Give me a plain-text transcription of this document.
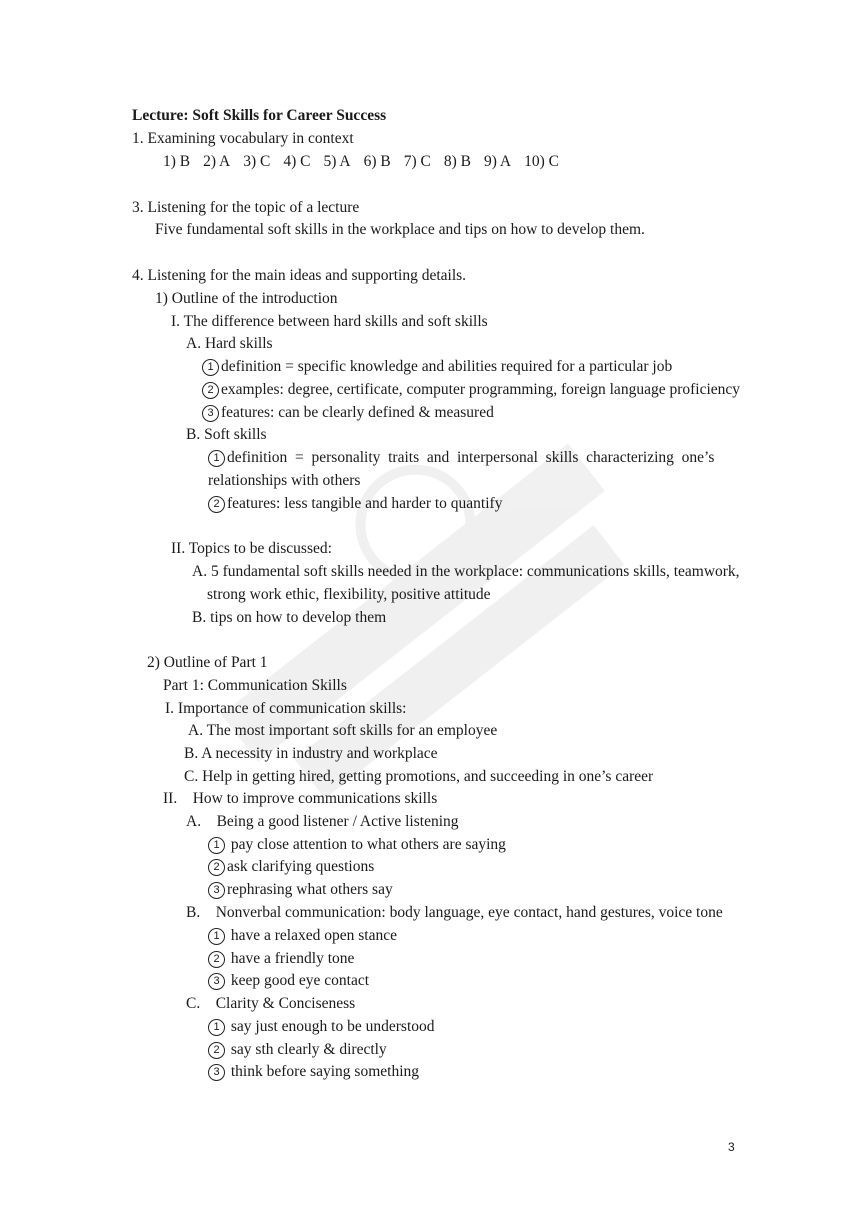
Lecture: Soft Skills for Career Success
1. Examining vocabulary in context
1) B 2) A 3) C 4) C 5) A 6) B 7) C 8) B 9) A 10) C
3. Listening for the topic of a lecture
Five fundamental soft skills in the workplace and tips on how to develop them.
4. Listening for the main ideas and supporting details.
1) Outline of the introduction
I. The difference between hard skills and soft skills
A. Hard skills
1 definition = specific knowledge and abilities required for a particular job
2 examples: degree, certificate, computer programming, foreign language proficiency
3 features: can be clearly defined & measured
B. Soft skills
1 definition  =  personality  traits  and  interpersonal  skills  characterizing  one’s
relationships with others
2 features: less tangible and harder to quantify
II. Topics to be discussed:
A. 5 fundamental soft skills needed in the workplace: communications skills, teamwork,
strong work ethic, flexibility, positive attitude
B. tips on how to develop them
2) Outline of Part 1
Part 1: Communication Skills
I. Importance of communication skills:
A. The most important soft skills for an employee
B. A necessity in industry and workplace
C. Help in getting hired, getting promotions, and succeeding in one’s career
II.    How to improve communications skills
A.    Being a good listener / Active listening
1 pay close attention to what others are saying
2 ask clarifying questions
3 rephrasing what others say
B.    Nonverbal communication: body language, eye contact, hand gestures, voice tone
1 have a relaxed open stance
2 have a friendly tone
3 keep good eye contact
C.    Clarity & Conciseness
1 say just enough to be understood
2 say sth clearly & directly
3 think before saying something
3
